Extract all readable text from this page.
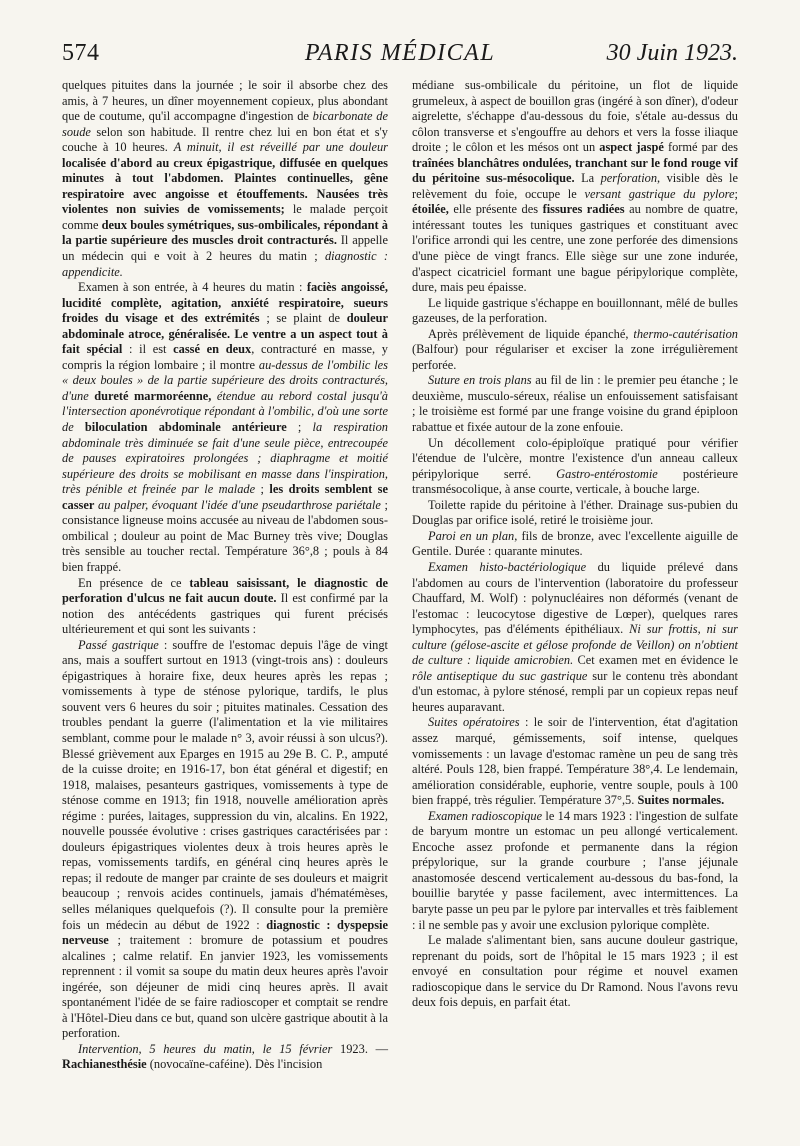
574	PARIS MÉDICAL	30 Juin 1923.

quelques pituites dans la journée ; le soir il absorbe chez des amis, à 7 heures, un dîner moyennement copieux, plus abondant que de coutume, qu'il accompagne d'ingestion de bicarbonate de soude selon son habitude. Il rentre chez lui en bon état et s'y couche à 10 heures. A minuit, il est réveillé par une douleur localisée d'abord au creux épigastrique, diffusée en quelques minutes à tout l'abdomen. Plaintes continuelles, gêne respiratoire avec angoisse et étouffements. Nausées très violentes non suivies de vomissements; le malade perçoit comme deux boules symétriques, sus-ombilicales, répondant à la partie supérieure des muscles droit contracturés. Il appelle un médecin qui e voit à 2 heures du matin ; diagnostic : appendicite.

Examen à son entrée, à 4 heures du matin : faciès angoissé, lucidité complète, agitation, anxiété respiratoire, sueurs froides du visage et des extrémités ; se plaint de douleur abdominale atroce, généralisée. Le ventre a un aspect tout à fait spécial : il est cassé en deux, contracturé en masse, y compris la région lombaire ; il montre au-dessus de l'ombilic les « deux boules » de la partie supérieure des droits contracturés, d'une dureté marmoréenne, étendue au rebord costal jusqu'à l'intersection aponévrotique répondant à l'ombilic, d'où une sorte de biloculation abdominale antérieure ; la respiration abdominale très diminuée se fait d'une seule pièce, entrecoupée de pauses expiratoires prolongées ; diaphragme et moitié supérieure des droits se mobilisant en masse dans l'inspiration, très pénible et freinée par le malade ; les droits semblent se casser au palper, évoquant l'idée d'une pseudarthrose pariétale ; consistance ligneuse moins accusée au niveau de l'abdomen sous-ombilical ; douleur au point de Mac Burney très vive; Douglas très sensible au toucher rectal. Température 36°,8 ; pouls à 84 bien frappé.

En présence de ce tableau saisissant, le diagnostic de perforation d'ulcus ne fait aucun doute. Il est confirmé par la notion des antécédents gastriques qui furent précisés ultérieurement et qui sont les suivants :

Passé gastrique : souffre de l'estomac depuis l'âge de vingt ans, mais a souffert surtout en 1913 (vingt-trois ans) : douleurs épigastriques à horaire fixe, deux heures après les repas ; vomissements à type de sténose pylorique, tardifs, le plus souvent vers 6 heures du soir ; pituites matinales. Cessation des troubles pendant la guerre (l'alimentation et la vie militaires semblant, comme pour le malade n° 3, avoir réussi à son ulcus?). Blessé grièvement aux Eparges en 1915 au 29e B. C. P., amputé de la cuisse droite; en 1916-17, bon état général et digestif; en 1918, malaises, pesanteurs gastriques, vomissements à type de sténose comme en 1913; fin 1918, nouvelle amélioration après régime : purées, laitages, suppression du vin, alcalins. En 1922, nouvelle poussée évolutive : crises gastriques caractérisées par : douleurs épigastriques violentes deux à trois heures après le repas, vomissements tardifs, en général cinq heures après le repas; il redoute de manger par crainte de ses douleurs et maigrit beaucoup ; renvois acides continuels, jamais d'hématémèses, selles mélaniques quelquefois (?). Il consulte pour la première fois un médecin au début de 1922 : diagnostic : dyspepsie nerveuse ; traitement : bromure de potassium et poudres alcalines ; calme relatif. En janvier 1923, les vomissements reprennent : il vomit sa soupe du matin deux heures après l'avoir ingérée, son déjeuner de midi cinq heures après. Il avait spontanément l'idée de se faire radioscoper et comptait se rendre à l'Hôtel-Dieu dans ce but, quand son ulcère gastrique aboutit à la perforation.

Intervention, 5 heures du matin, le 15 février 1923. — Rachianesthésie (novocaïne-caféine). Dès l'incision

médiane sus-ombilicale du péritoine, un flot de liquide grumeleux, à aspect de bouillon gras (ingéré à son dîner), d'odeur aigrelette, s'échappe d'au-dessous du foie, s'étale au-dessus du côlon transverse et s'engouffre au dehors et vers la fosse iliaque droite ; le côlon et les mésos ont un aspect jaspé formé par des traînées blanchâtres ondulées, tranchant sur le fond rouge vif du péritoine sus-mésocolique. La perforation, visible dès le relèvement du foie, occupe le versant gastrique du pylore; étoilée, elle présente des fissures radiées au nombre de quatre, intéressant toutes les tuniques gastriques et constituant avec l'orifice arrondi qui les centre, une zone perforée des dimensions d'une pièce de vingt francs. Elle siège sur une zone indurée, d'aspect cicatriciel formant une bague péripylorique complète, dure, mais peu épaisse.

Le liquide gastrique s'échappe en bouillonnant, mêlé de bulles gazeuses, de la perforation.

Après prélèvement de liquide épanché, thermo-cautérisation (Balfour) pour régulariser et exciser la zone irrégulièrement perforée.

Suture en trois plans au fil de lin : le premier peu étanche ; le deuxième, musculo-séreux, réalise un enfouissement satisfaisant ; le troisième est formé par une frange voisine du grand épiploon rabattue et fixée autour de la zone enfouie.

Un décollement colo-épiploïque pratiqué pour vérifier l'étendue de l'ulcère, montre l'existence d'un anneau calleux péripylorique serré. Gastro-entérostomie postérieure transmésocolique, à anse courte, verticale, à bouche large.

Toilette rapide du péritoine à l'éther. Drainage sus-pubien du Douglas par orifice isolé, retiré le troisième jour.

Paroi en un plan, fils de bronze, avec l'excellente aiguille de Gentile. Durée : quarante minutes.

Examen histo-bactériologique du liquide prélevé dans l'abdomen au cours de l'intervention (laboratoire du professeur Chauffard, M. Wolf) : polynucléaires non déformés (venant de l'estomac : leucocytose digestive de Lœper), quelques rares lymphocytes, pas d'éléments épithéliaux. Ni sur frottis, ni sur culture (gélose-ascite et gélose profonde de Veillon) on n'obtient de culture : liquide amicrobien. Cet examen met en évidence le rôle antiseptique du suc gastrique sur le contenu très abondant d'un estomac, à pylore sténosé, rempli par un copieux repas neuf heures auparavant.

Suites opératoires : le soir de l'intervention, état d'agitation assez marqué, gémissements, soif intense, quelques vomissements : un lavage d'estomac ramène un peu de sang très altéré. Pouls 128, bien frappé. Température 38°,4. Le lendemain, amélioration considérable, euphorie, ventre souple, pouls à 100 bien frappé, très régulier. Température 37°,5. Suites normales.

Examen radioscopique le 14 mars 1923 : l'ingestion de sulfate de baryum montre un estomac un peu allongé verticalement. Encoche assez profonde et permanente dans la région prépylorique, sur la grande courbure ; l'anse jéjunale anastomosée descend verticalement au-dessous du bas-fond, la bouillie barytée y passe facilement, avec intermittences. La baryte passe un peu par le pylore par intervalles et très faiblement : il ne semble pas y avoir une exclusion pylorique complète.

Le malade s'alimentant bien, sans aucune douleur gastrique, reprenant du poids, sort de l'hôpital le 15 mars 1923 ; il est envoyé en consultation pour régime et nouvel examen radioscopique dans le service du Dr Ramond. Nous l'avons revu deux fois depuis, en parfait état.
